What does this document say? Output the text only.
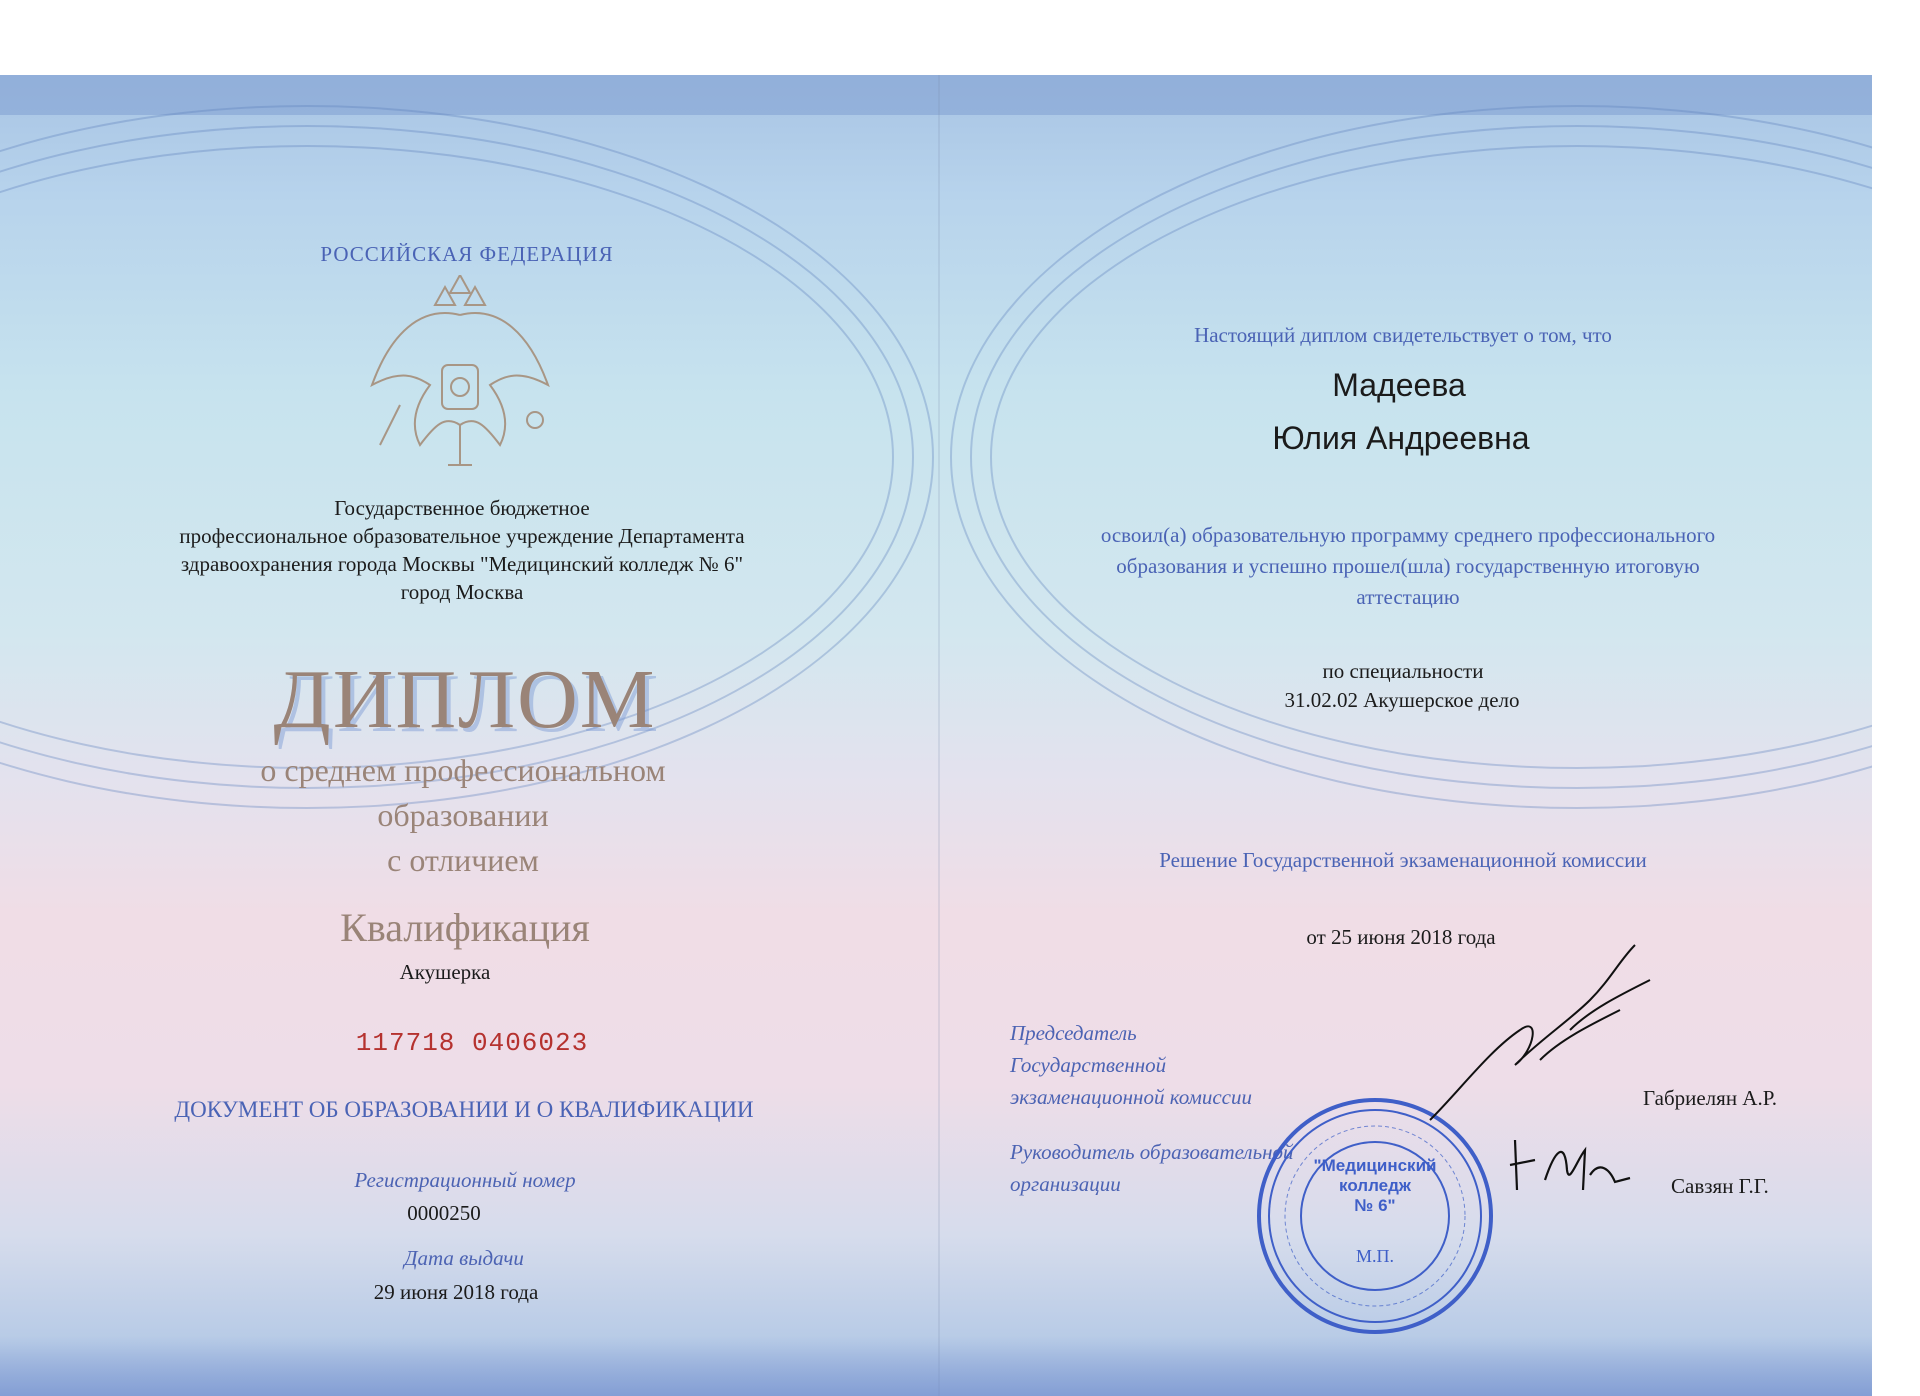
РОССИЙСКАЯ ФЕДЕРАЦИЯ

Государственное бюджетное

профессиональное образовательное учреждение Департамента

здравоохранения города Москвы "Медицинский колледж № 6"

город Москва

ДИПЛОМ

о среднем профессиональном

образовании

с отличием

Квалификация

Акушерка

117718 0406023

ДОКУМЕНТ ОБ ОБРАЗОВАНИИ И О КВАЛИФИКАЦИИ

Регистрационный номер

0000250

Дата выдачи

29 июня 2018 года

Настоящий диплом свидетельствует о том, что

Мадеева

Юлия Андреевна

освоил(а) образовательную программу среднего профессионального

образования и успешно прошел(шла) государственную итоговую

аттестацию

по специальности

31.02.02 Акушерское дело

Решение Государственной экзаменационной комиссии

от 25 июня 2018 года

Председатель

Государственной

экзаменационной комиссии	Габриелян А.Р.

Руководитель образовательной

организации	Савзян Г.Г.

"Медицинский
колледж
№ 6"

М.П.
